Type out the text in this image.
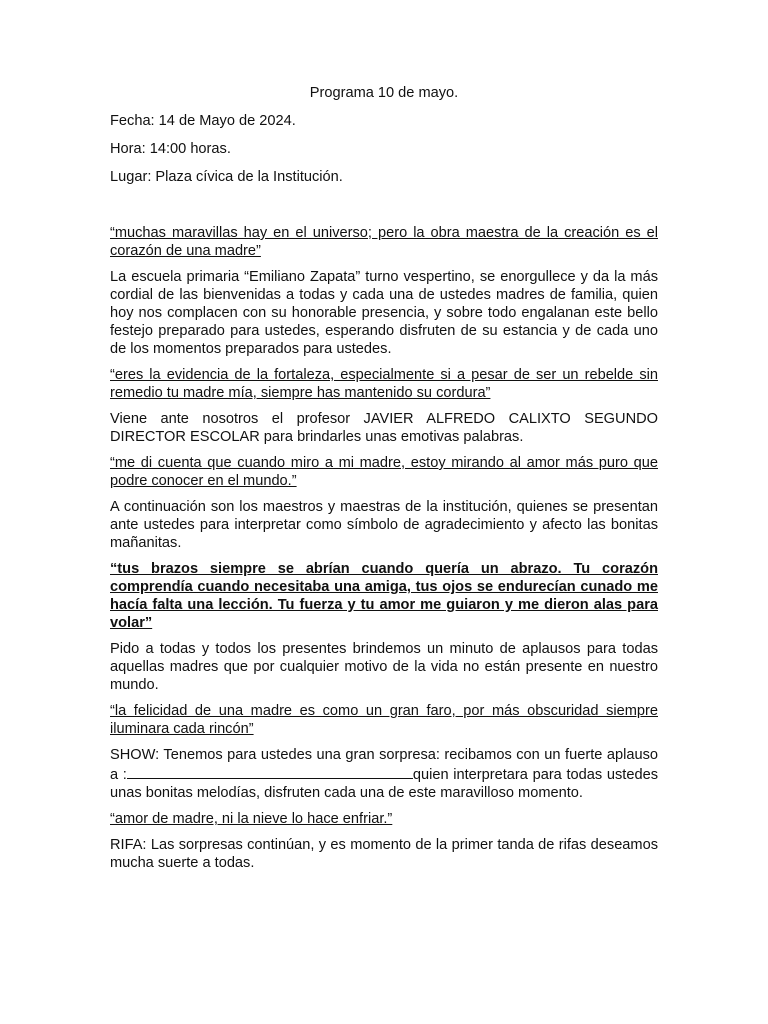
Programa 10 de mayo.
Fecha: 14 de Mayo de 2024.
Hora: 14:00 horas.
Lugar: Plaza cívica de la Institución.
“muchas maravillas hay en el universo; pero la obra maestra de la creación es el corazón de una madre”
La escuela primaria “Emiliano Zapata” turno vespertino, se enorgullece y da la más cordial de las bienvenidas a todas y cada una de ustedes madres de familia, quien hoy nos complacen con su honorable presencia, y sobre todo engalanan este bello festejo preparado para ustedes, esperando disfruten de su estancia y de cada uno de los momentos preparados para ustedes.
“eres la evidencia de la fortaleza, especialmente si a pesar de ser un rebelde sin remedio tu madre mía, siempre has mantenido su cordura”
Viene ante nosotros el profesor JAVIER ALFREDO CALIXTO SEGUNDO DIRECTOR ESCOLAR para brindarles unas emotivas palabras.
“me di cuenta que cuando miro a mi madre, estoy mirando al amor más puro que podre conocer en el mundo.”
A continuación son los maestros y maestras de la institución, quienes se presentan ante ustedes para interpretar como símbolo de agradecimiento y afecto las bonitas mañanitas.
“tus brazos siempre se abrían cuando quería un abrazo. Tu corazón comprendía cuando necesitaba una amiga, tus ojos se endurecían cunado me hacía falta una lección. Tu fuerza y tu amor me guiaron y me dieron alas para volar”
Pido a todas y todos los presentes brindemos un minuto de aplausos para todas aquellas madres que por cualquier motivo de la vida no están presente en nuestro mundo.
“la felicidad de una madre es como un gran faro, por más obscuridad siempre iluminara cada rincón”
SHOW: Tenemos para ustedes una gran sorpresa: recibamos con un fuerte aplauso a :	quien interpretara para todas ustedes unas bonitas melodías, disfruten cada una de este maravilloso momento.
“amor de madre, ni la nieve lo hace enfriar.”
RIFA: Las sorpresas continúan, y es momento de la primer tanda de rifas deseamos mucha suerte a todas.
